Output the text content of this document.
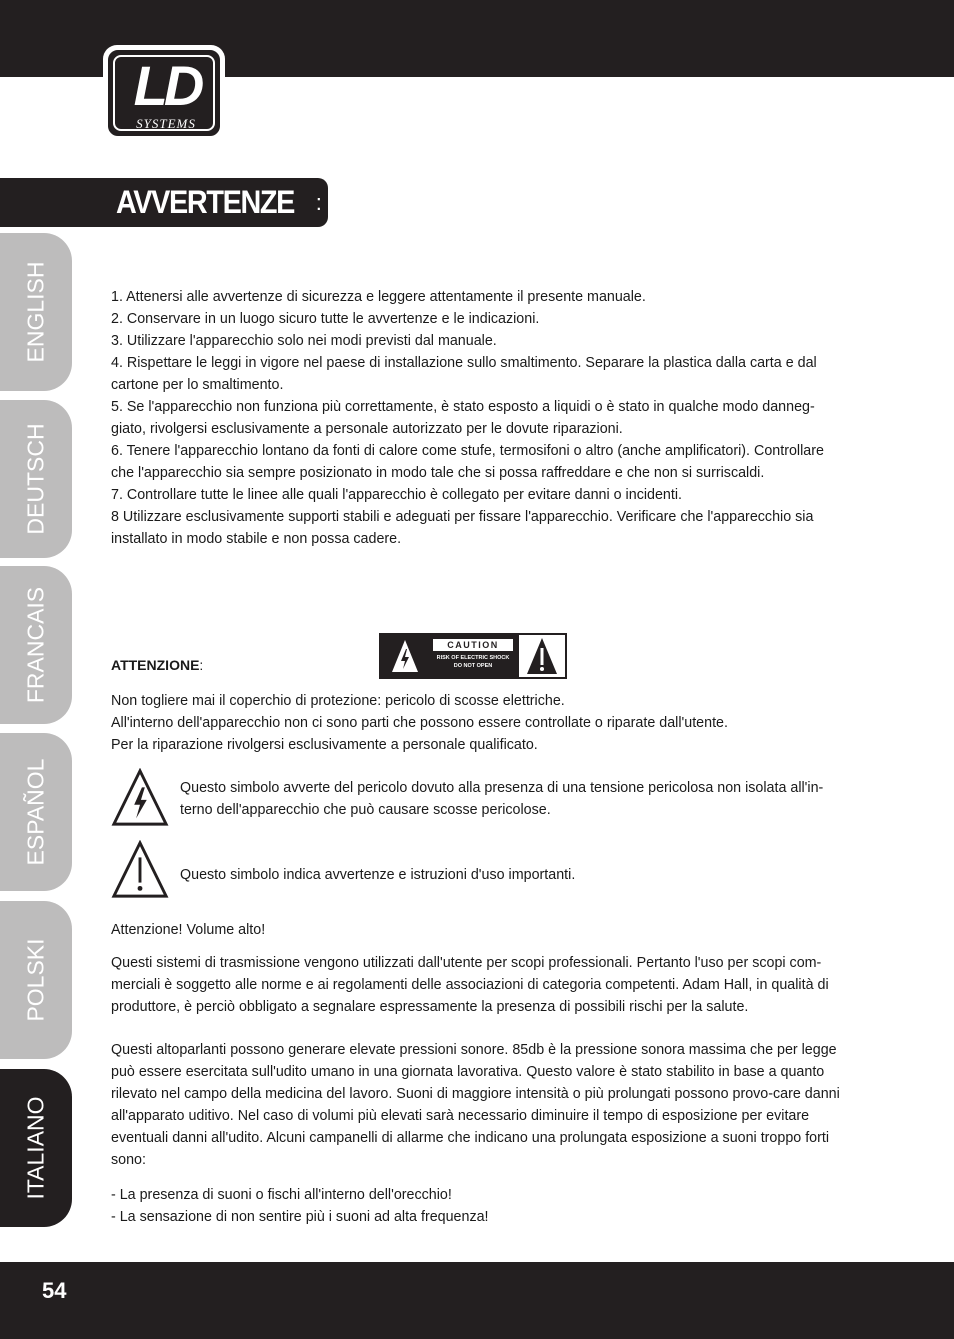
LD
SYSTEMS
AVVERTENZE :
ENGLISH
DEUTSCH
FRANCAIS
ESPAÑOL
POLSKI
ITALIANO
1. Attenersi alle avvertenze di sicurezza e leggere attentamente il presente manuale.
2. Conservare in un luogo sicuro tutte le avvertenze e le indicazioni.
3. Utilizzare l'apparecchio solo nei modi previsti dal manuale.
4. Rispettare le leggi in vigore nel paese di installazione sullo smaltimento. Separare la plastica dalla carta e dal cartone per lo smaltimento.
5. Se l'apparecchio non funziona più correttamente, è stato esposto a liquidi o è stato in qualche modo danneg-giato, rivolgersi esclusivamente a personale autorizzato per le dovute riparazioni.
6. Tenere l'apparecchio lontano da fonti di calore come stufe, termosifoni o altro (anche amplificatori). Controllare che l'apparecchio sia sempre posizionato in modo tale che si possa raffreddare e che non si surriscaldi.
7. Controllare tutte le linee alle quali l'apparecchio è collegato per evitare danni o incidenti.
8 Utilizzare esclusivamente supporti stabili e adeguati per fissare l'apparecchio. Verificare che l'apparecchio sia installato in modo stabile e non possa cadere.
ATTENZIONE:
CAUTION
RISK OF ELECTRIC SHOCK
DO NOT OPEN
Non togliere mai il coperchio di protezione: pericolo di scosse elettriche.
All'interno dell'apparecchio non ci sono parti che possono essere controllate o riparate dall'utente.
Per la riparazione rivolgersi esclusivamente a personale qualificato.
Questo simbolo avverte del pericolo dovuto alla presenza di una tensione pericolosa non isolata all'in-terno dell'apparecchio che può causare scosse pericolose.
Questo simbolo indica avvertenze e istruzioni d'uso importanti.
Attenzione! Volume alto!
Questi sistemi di trasmissione vengono utilizzati dall'utente per scopi professionali. Pertanto l'uso per scopi com-merciali è soggetto alle norme e ai regolamenti delle associazioni di categoria competenti. Adam Hall, in qualità di produttore, è perciò obbligato a segnalare espressamente la presenza di possibili rischi per la salute.
Questi altoparlanti possono generare elevate pressioni sonore. 85db è la pressione sonora massima che per legge può essere esercitata sull'udito umano in una giornata lavorativa. Questo valore è stato stabilito in base a quanto rilevato nel campo della medicina del lavoro. Suoni di maggiore intensità o più prolungati possono provo-care danni all'apparato uditivo. Nel caso di volumi più elevati sarà necessario diminuire il tempo di esposizione per evitare eventuali danni all'udito. Alcuni campanelli di allarme che indicano una prolungata esposizione a suoni troppo forti sono:
- La presenza di suoni o fischi all'interno dell'orecchio!
- La sensazione di non sentire più i suoni ad alta frequenza!
54
